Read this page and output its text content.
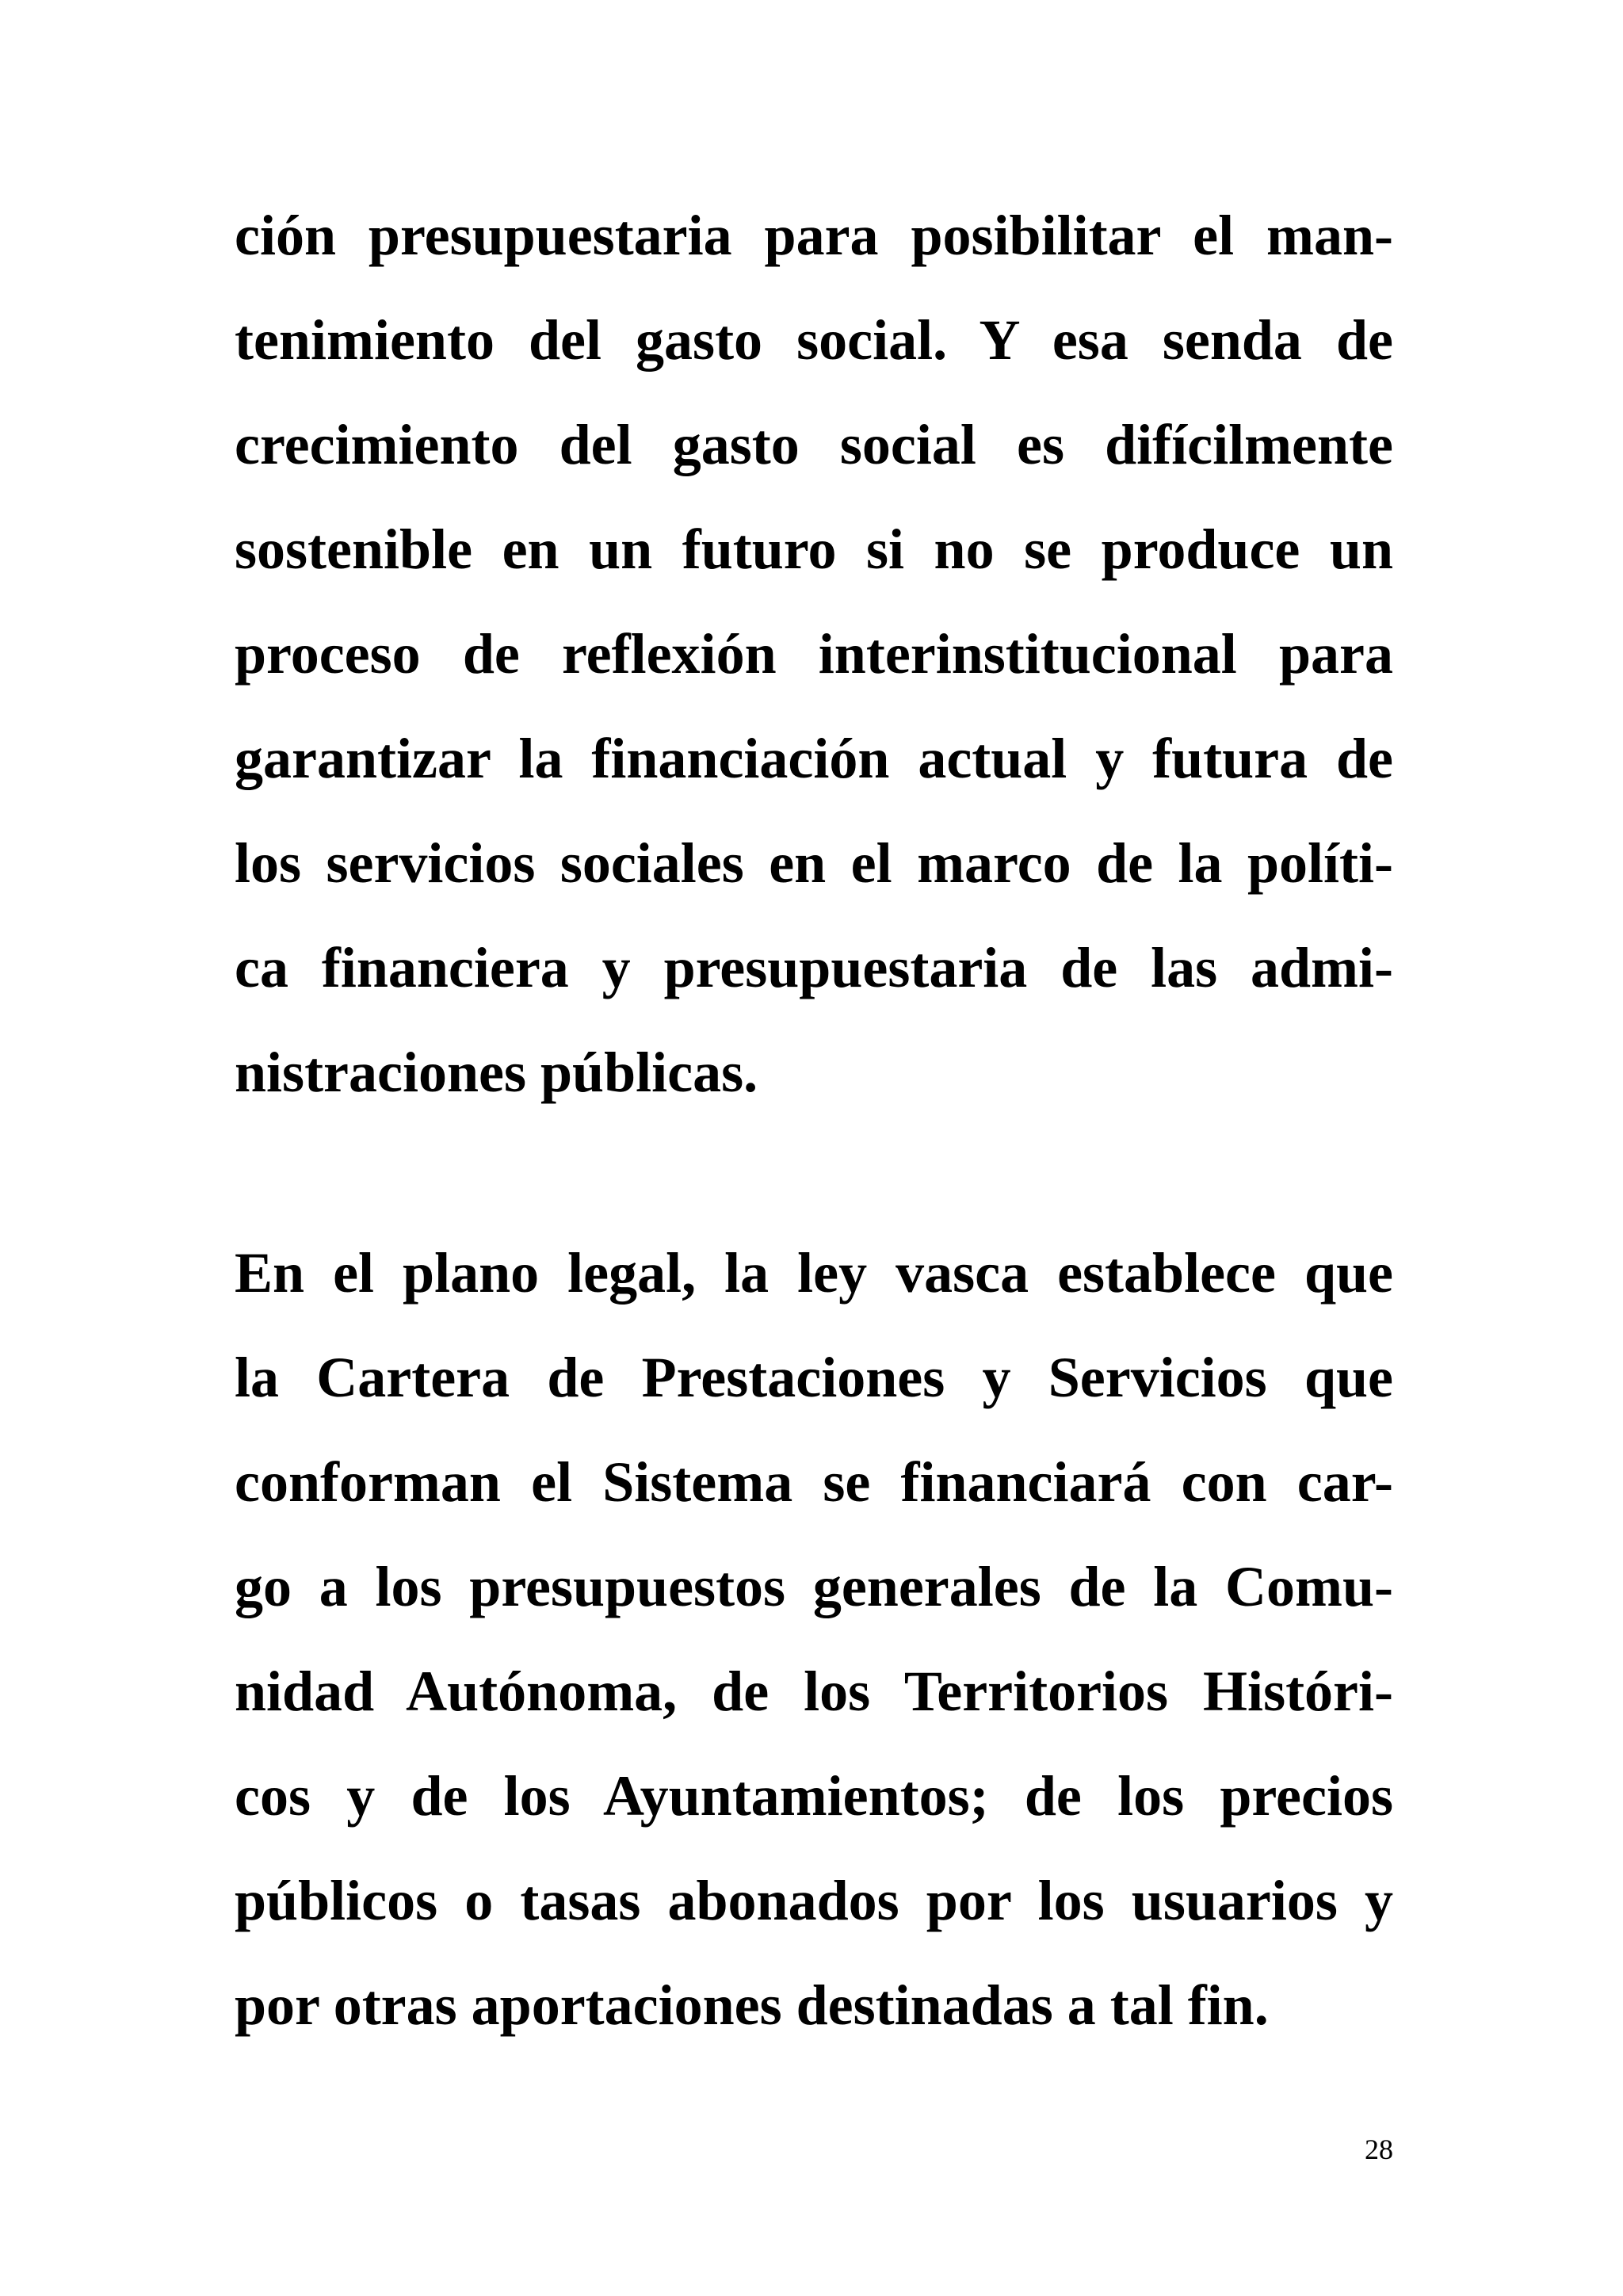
ción presupuestaria para posibilitar el man-
tenimiento del gasto social. Y esa senda de
crecimiento del gasto social es difícilmente
sostenible en un futuro si no se produce un
proceso de reflexión interinstitucional para
garantizar la financiación actual y futura de
los servicios sociales en el marco de la políti-
ca financiera y presupuestaria de las admi-
nistraciones públicas.
En el plano legal, la ley vasca establece que
la Cartera de Prestaciones y Servicios que
conforman el Sistema se financiará con car-
go a los presupuestos generales de la Comu-
nidad Autónoma, de los Territorios Históri-
cos y de los Ayuntamientos; de los precios
públicos o tasas abonados por los usuarios y
por otras aportaciones destinadas a tal fin.
28
